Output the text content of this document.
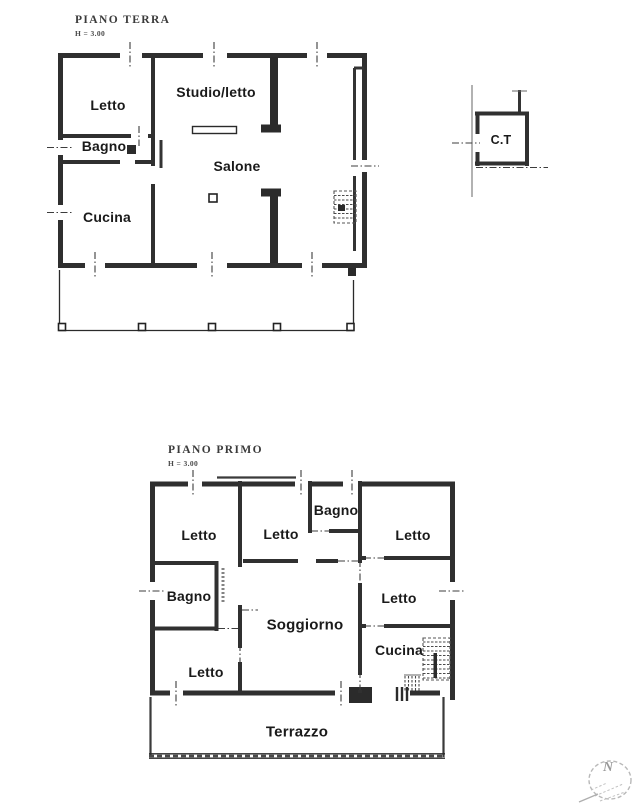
N
PIANO TERRA
H = 3.00
Letto
Bagno
Cucina
Studio/letto
Salone
C.T
PIANO PRIMO
H = 3.00
Letto	Letto
Bagno
Letto
Bagno	Letto
Soggiorno
Letto
Cucina
Terrazzo
